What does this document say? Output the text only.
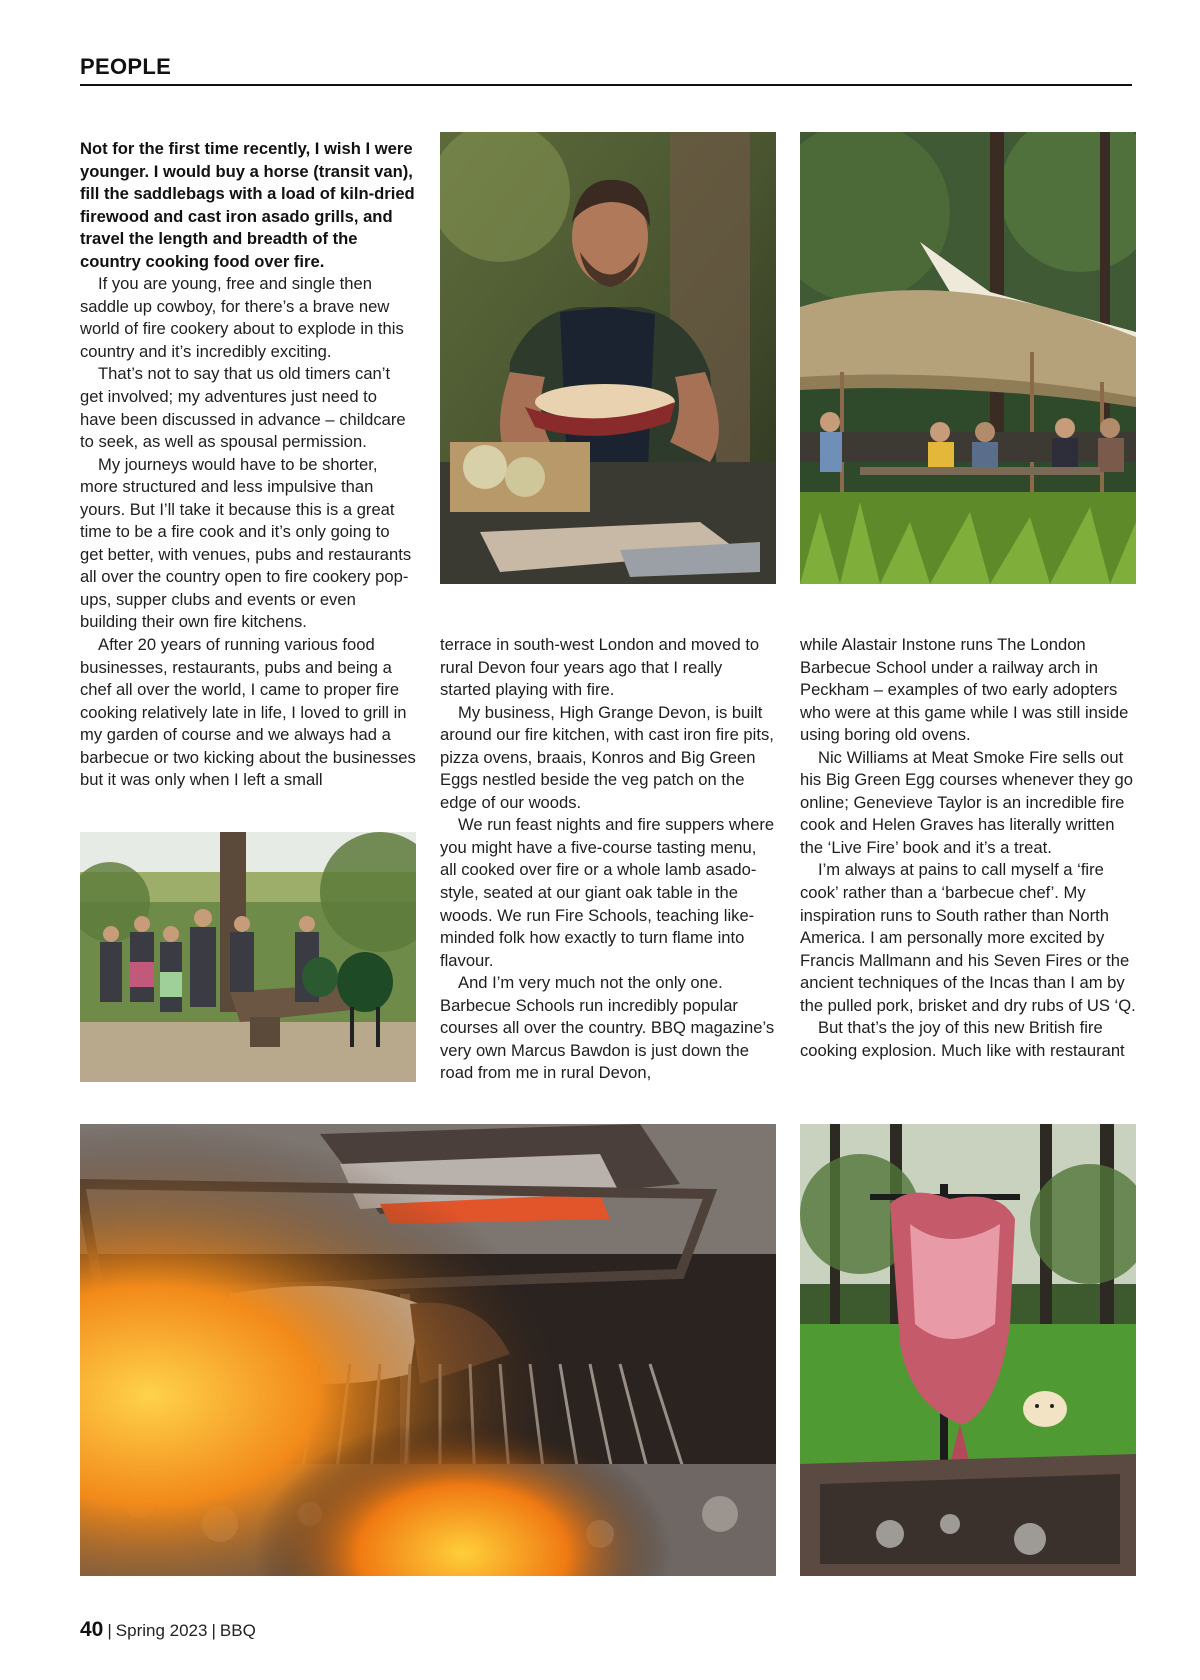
PEOPLE

Not for the first time recently, I wish I were younger. I would buy a horse (transit van), fill the saddlebags with a load of kiln-dried firewood and cast iron asado grills, and travel the length and breadth of the country cooking food over fire.

If you are young, free and single then saddle up cowboy, for there’s a brave new world of fire cookery about to explode in this country and it’s incredibly exciting.

That’s not to say that us old timers can’t get involved; my adventures just need to have been discussed in advance – childcare to seek, as well as spousal permission.

My journeys would have to be shorter, more structured and less impulsive than yours. But I’ll take it because this is a great time to be a fire cook and it’s only going to get better, with venues, pubs and restaurants all over the country open to fire cookery pop-ups, supper clubs and events or even building their own fire kitchens.

After 20 years of running various food businesses, restaurants, pubs and being a chef all over the world, I came to proper fire cooking relatively late in life, I loved to grill in my garden of course and we always had a barbecue or two kicking about the businesses but it was only when I left a small

terrace in south-west London and moved to rural Devon four years ago that I really started playing with fire.

My business, High Grange Devon, is built around our fire kitchen, with cast iron fire pits, pizza ovens, braais, Konros and Big Green Eggs nestled beside the veg patch on the edge of our woods.

We run feast nights and fire suppers where you might have a five-course tasting menu, all cooked over fire or a whole lamb asado-style, seated at our giant oak table in the woods. We run Fire Schools, teaching like-minded folk how exactly to turn flame into flavour.

And I’m very much not the only one. Barbecue Schools run incredibly popular courses all over the country. BBQ magazine’s very own Marcus Bawdon is just down the road from me in rural Devon,

while Alastair Instone runs The London Barbecue School under a railway arch in Peckham – examples of two early adopters who were at this game while I was still inside using boring old ovens.

Nic Williams at Meat Smoke Fire sells out his Big Green Egg courses whenever they go online; Genevieve Taylor is an incredible fire cook and Helen Graves has literally written the ‘Live Fire’ book and it’s a treat.

I’m always at pains to call myself a ‘fire cook’ rather than a ‘barbecue chef’. My inspiration runs to South rather than North America. I am personally more excited by Francis Mallmann and his Seven Fires or the ancient techniques of the Incas than I am by the pulled pork, brisket and dry rubs of US ‘Q.

But that’s the joy of this new British fire cooking explosion. Much like with restaurant

40 | Spring 2023 | BBQ
